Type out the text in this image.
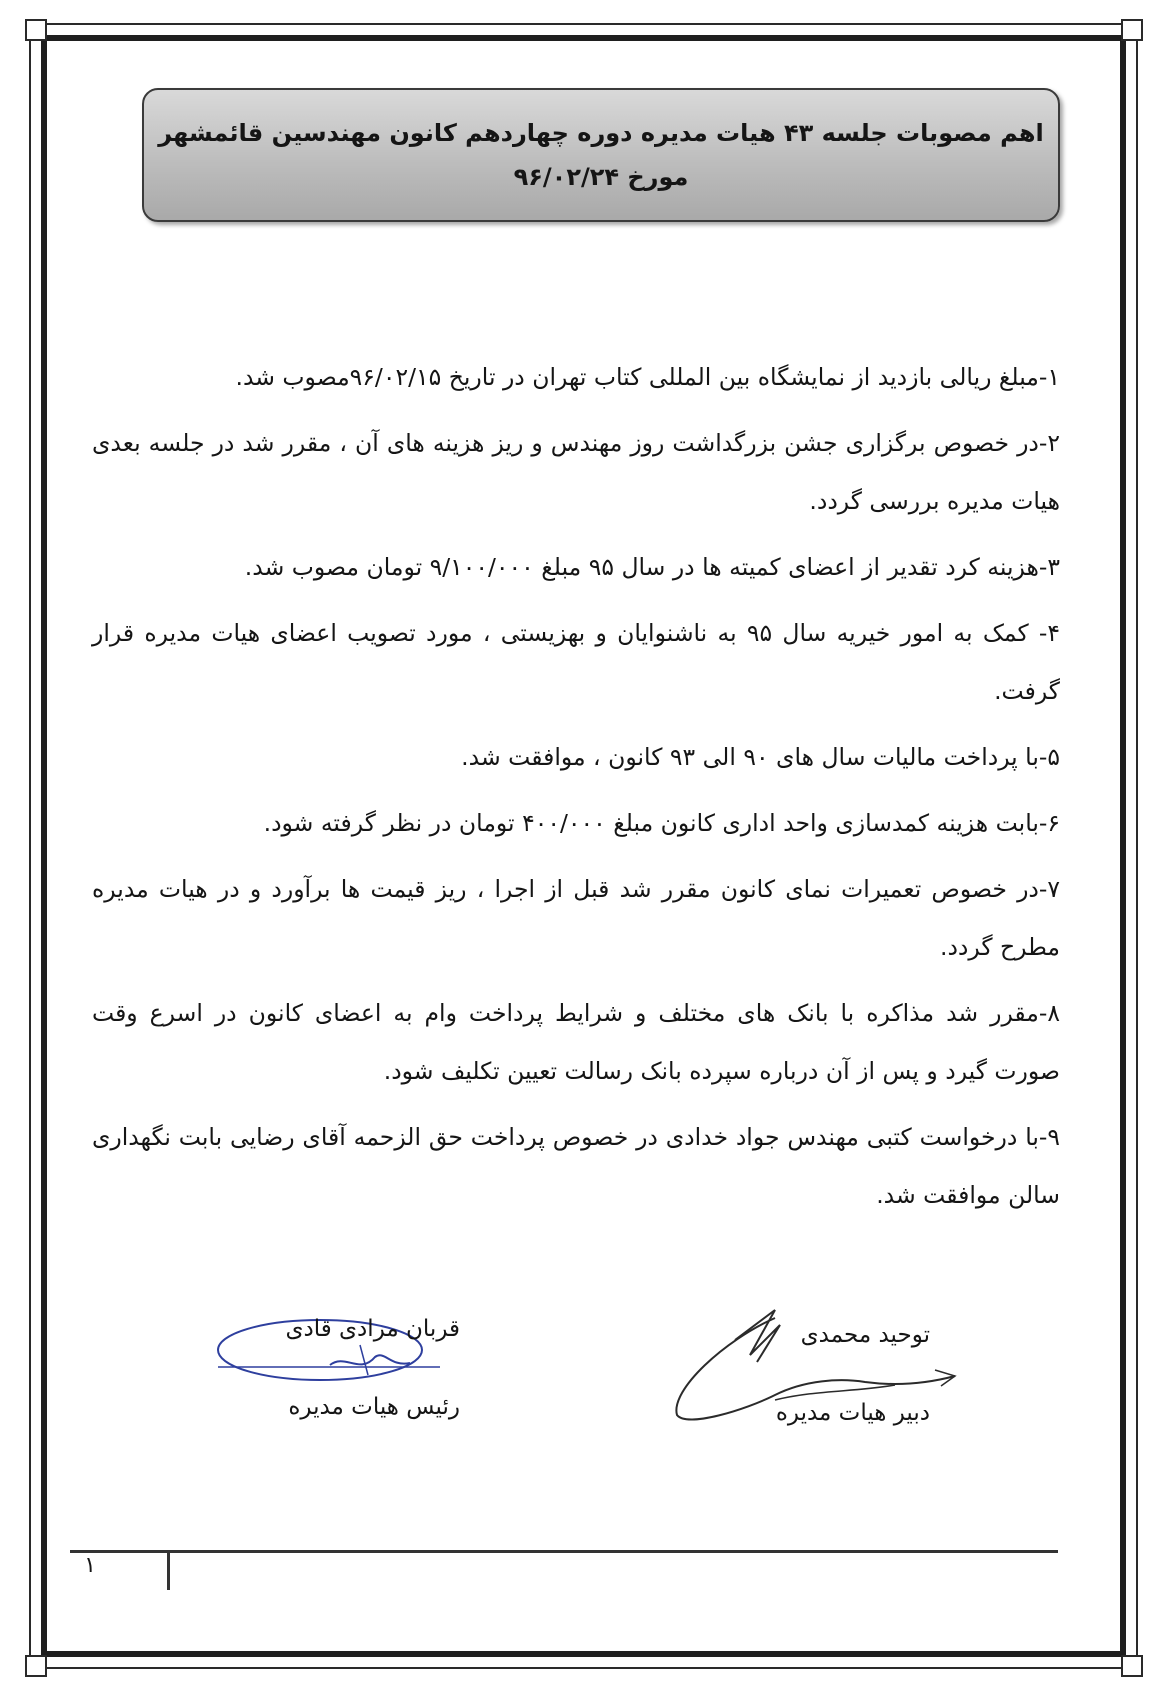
اهم مصوبات جلسه ۴۳ هیات مدیره دوره چهاردهم کانون مهندسین قائمشهر
مورخ ۹۶/۰۲/۲۴

۱-مبلغ ریالی بازدید از نمایشگاه بین المللی کتاب تهران در تاریخ ۹۶/۰۲/۱۵مصوب شد.

۲-در خصوص برگزاری جشن بزرگداشت روز مهندس و ریز هزینه های آن ، مقرر شد در جلسه بعدی هیات مدیره بررسی گردد.

۳-هزینه کرد تقدیر از اعضای کمیته ها در سال ۹۵ مبلغ ۹/۱۰۰/۰۰۰ تومان مصوب شد.

۴- کمک به امور خیریه سال ۹۵ به ناشنوایان و بهزیستی ، مورد تصویب اعضای هیات مدیره قرار گرفت.

۵-با پرداخت مالیات سال های ۹۰ الی ۹۳ کانون ، موافقت شد.

۶-بابت هزینه کمدسازی واحد اداری کانون مبلغ ۴۰۰/۰۰۰ تومان در نظر گرفته شود.

۷-در خصوص تعمیرات نمای کانون مقرر شد قبل از اجرا ، ریز قیمت ها برآورد و در هیات مدیره مطرح گردد.

۸-مقرر شد مذاکره با بانک های مختلف و شرایط پرداخت وام به اعضای کانون در اسرع وقت صورت گیرد و پس از آن درباره سپرده بانک رسالت تعیین تکلیف شود.

۹-با درخواست کتبی مهندس جواد خدادی در خصوص پرداخت حق الزحمه آقای رضایی بابت نگهداری سالن موافقت شد.

توحید محمدی
دبیر هیات مدیره
قربان مرادی قادی
رئیس هیات مدیره
۱
